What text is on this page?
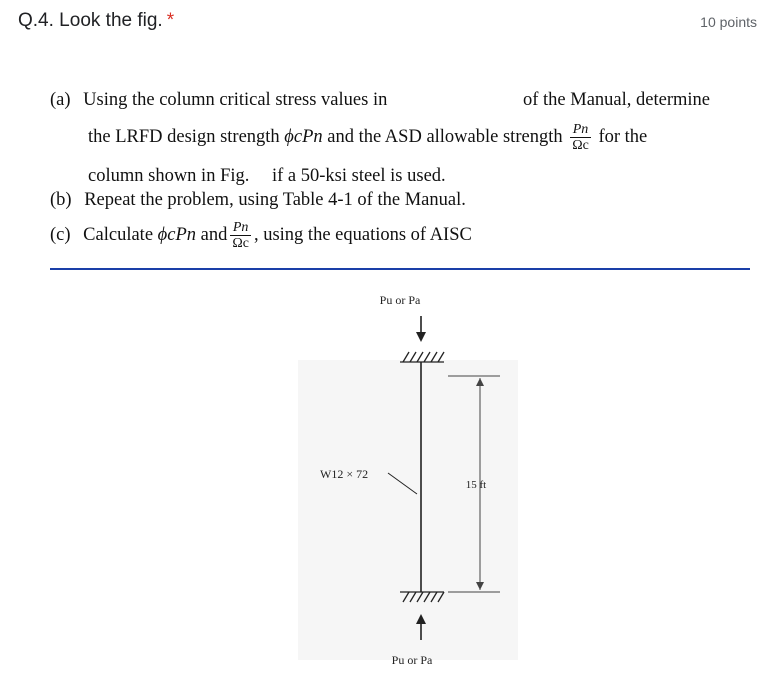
Q.4. Look the fig. *	10 points
(a) Using the column critical stress values in	of the Manual, determine
the LRFD design strength ϕcPn and the ASD allowable strength $\frac{Pn}{\Omega c}$ for the
column shown in Fig. if a 50-ksi steel is used.
(b) Repeat the problem, using Table 4-1 of the Manual.
(c) Calculate ϕcPn and $\frac{Pn}{\Omega c}$ , using the equations of AISC
Pu or Pa
15 ft
W12 × 72
Pu or Pa
